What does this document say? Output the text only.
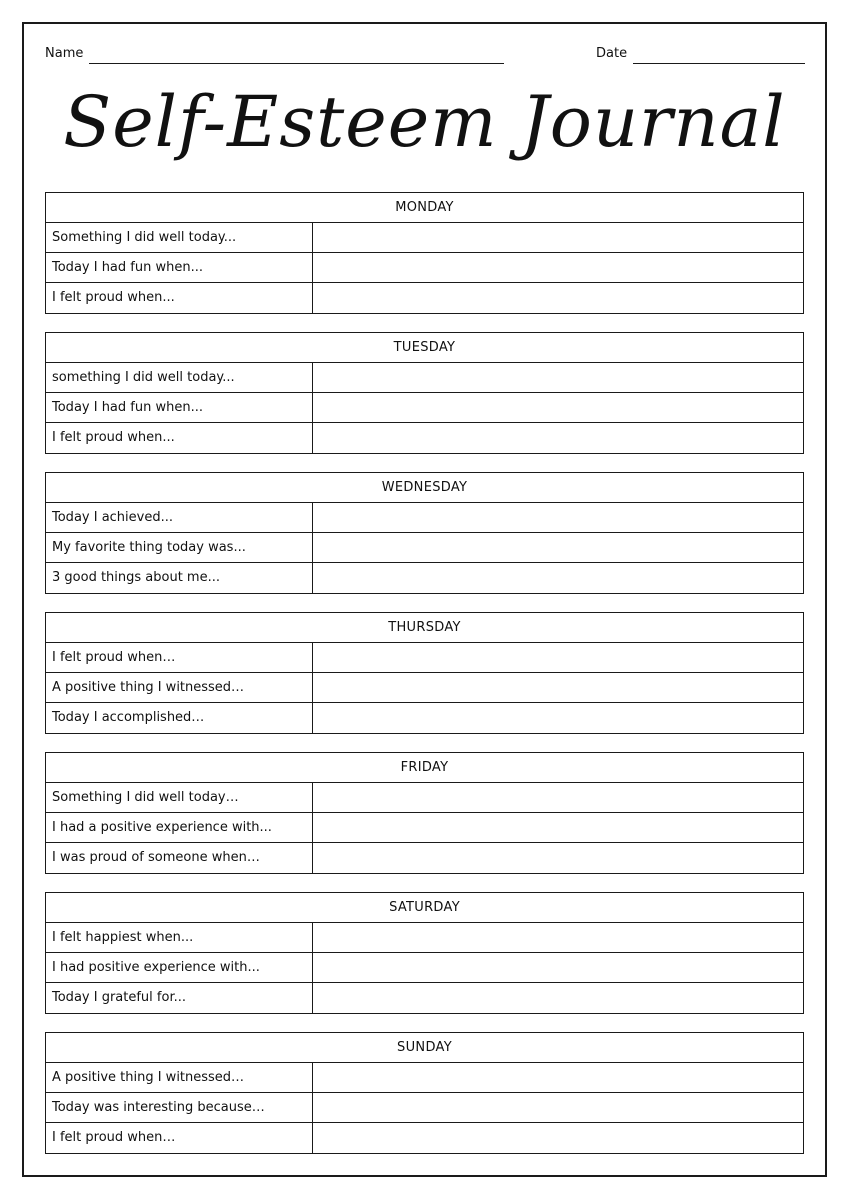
Name	Date
Self-Esteem Journal
MONDAY
Something I did well today...
Today I had fun when...
I felt proud when...
TUESDAY
something I did well today...
Today I had fun when...
I felt proud when...
WEDNESDAY
Today I achieved...
My favorite thing today was...
3 good things about me...
THURSDAY
I felt proud when…
A positive thing I witnessed…
Today I accomplished…
FRIDAY
Something I did well today…
I had a positive experience with...
I was proud of someone when…
SATURDAY
I felt happiest when...
I had positive experience with...
Today I grateful for...
SUNDAY
A positive thing I witnessed…
Today was interesting because…
I felt proud when…
